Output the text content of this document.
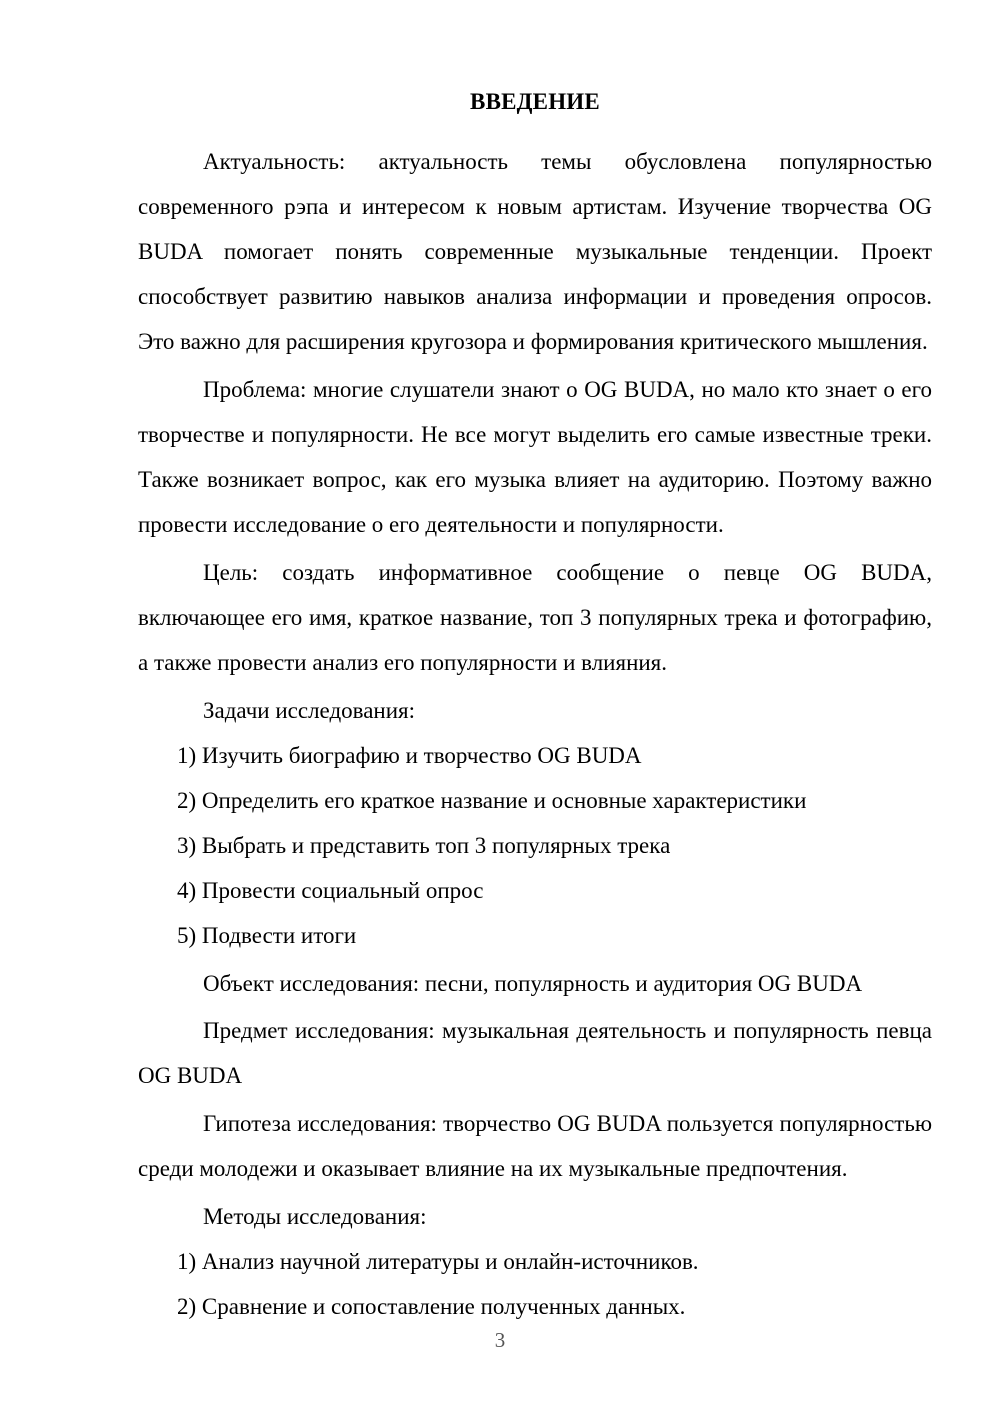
ВВЕДЕНИЕ

Актуальность: актуальность темы обусловлена популярностью современного рэпа и интересом к новым артистам. Изучение творчества OG BUDA помогает понять современные музыкальные тенденции. Проект способствует развитию навыков анализа информации и проведения опросов. Это важно для расширения кругозора и формирования критического мышления.

Проблема: многие слушатели знают о OG BUDA, но мало кто знает о его творчестве и популярности. Не все могут выделить его самые известные треки. Также возникает вопрос, как его музыка влияет на аудиторию. Поэтому важно провести исследование о его деятельности и популярности.

Цель: создать информативное сообщение о певце OG BUDA, включающее его имя, краткое название, топ 3 популярных трека и фотографию, а также провести анализ его популярности и влияния.

Задачи исследования:

1) Изучить биографию и творчество OG BUDA

2) Определить его краткое название и основные характеристики

3) Выбрать и представить топ 3 популярных трека

4) Провести социальный опрос

5) Подвести итоги

Объект исследования: песни, популярность и аудитория OG BUDA

Предмет исследования: музыкальная деятельность и популярность певца OG BUDA

Гипотеза исследования: творчество OG BUDA пользуется популярностью среди молодежи и оказывает влияние на их музыкальные предпочтения.

Методы исследования:

1) Анализ научной литературы и онлайн-источников.

2) Сравнение и сопоставление полученных данных.

3
